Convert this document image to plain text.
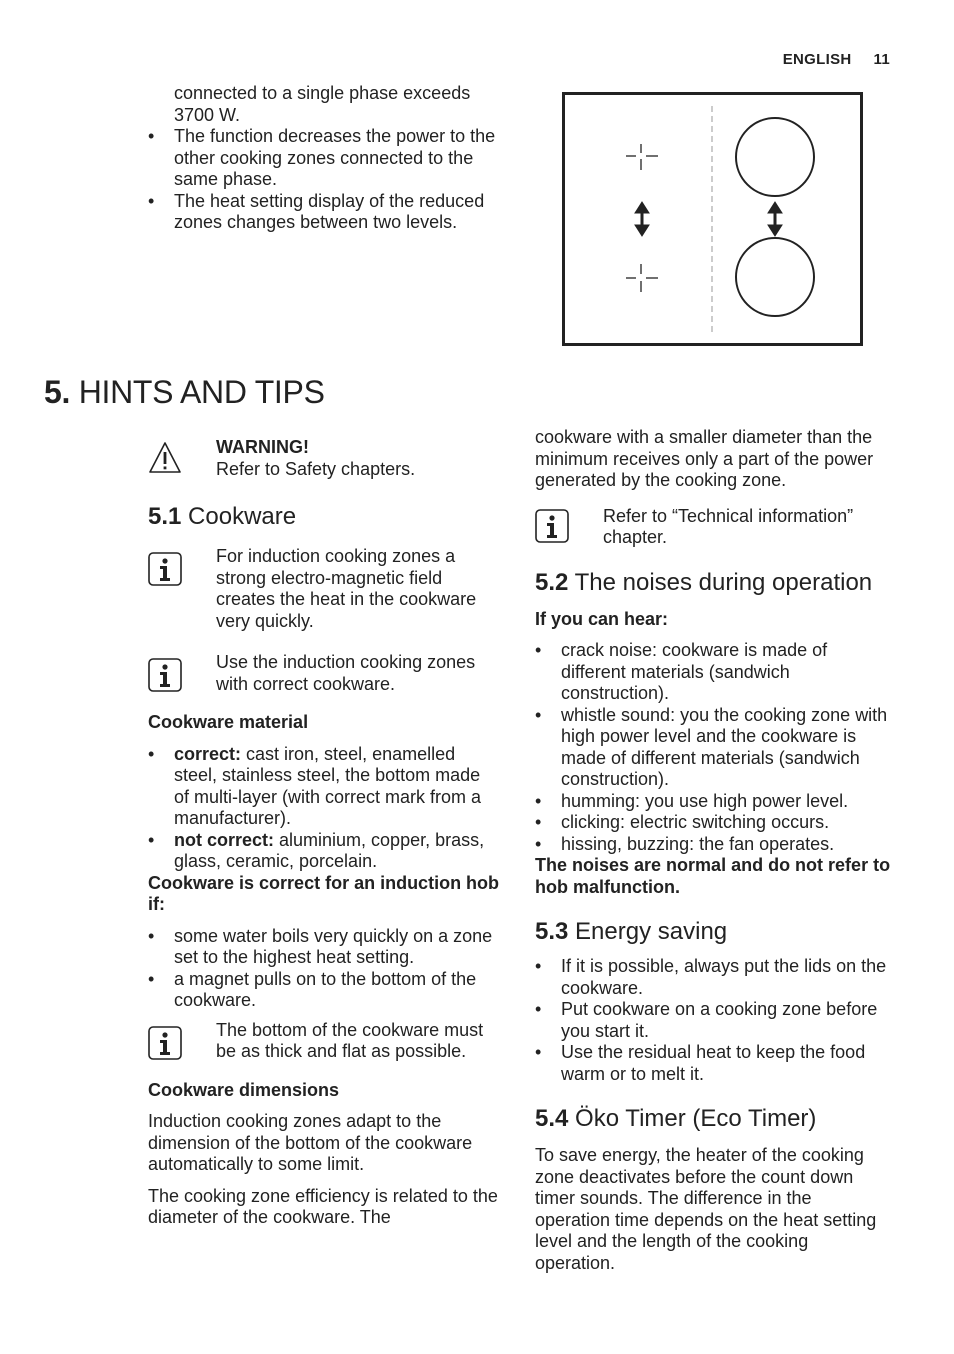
ENGLISH 11
connected to a single phase exceeds 3700 W.
• The function decreases the power to the other cooking zones connected to the same phase.
• The heat setting display of the reduced zones changes between two levels.
5. HINTS AND TIPS
WARNING!
Refer to Safety chapters.
5.1 Cookware
For induction cooking zones a strong electro-magnetic field creates the heat in the cookware very quickly.
Use the induction cooking zones with correct cookware.
Cookware material
• correct: cast iron, steel, enamelled steel, stainless steel, the bottom made of multi-layer (with correct mark from a manufacturer).
• not correct: aluminium, copper, brass, glass, ceramic, porcelain.
Cookware is correct for an induction hob if:
• some water boils very quickly on a zone set to the highest heat setting.
• a magnet pulls on to the bottom of the cookware.
The bottom of the cookware must be as thick and flat as possible.
Cookware dimensions
Induction cooking zones adapt to the dimension of the bottom of the cookware automatically to some limit.
The cooking zone efficiency is related to the diameter of the cookware. The
cookware with a smaller diameter than the minimum receives only a part of the power generated by the cooking zone.
Refer to “Technical information” chapter.
5.2 The noises during operation
If you can hear:
• crack noise: cookware is made of different materials (sandwich construction).
• whistle sound: you the cooking zone with high power level and the cookware is made of different materials (sandwich construction).
• humming: you use high power level.
• clicking: electric switching occurs.
• hissing, buzzing: the fan operates.
The noises are normal and do not refer to hob malfunction.
5.3 Energy saving
• If it is possible, always put the lids on the cookware.
• Put cookware on a cooking zone before you start it.
• Use the residual heat to keep the food warm or to melt it.
5.4 Öko Timer (Eco Timer)
To save energy, the heater of the cooking zone deactivates before the count down timer sounds. The difference in the operation time depends on the heat setting level and the length of the cooking operation.
